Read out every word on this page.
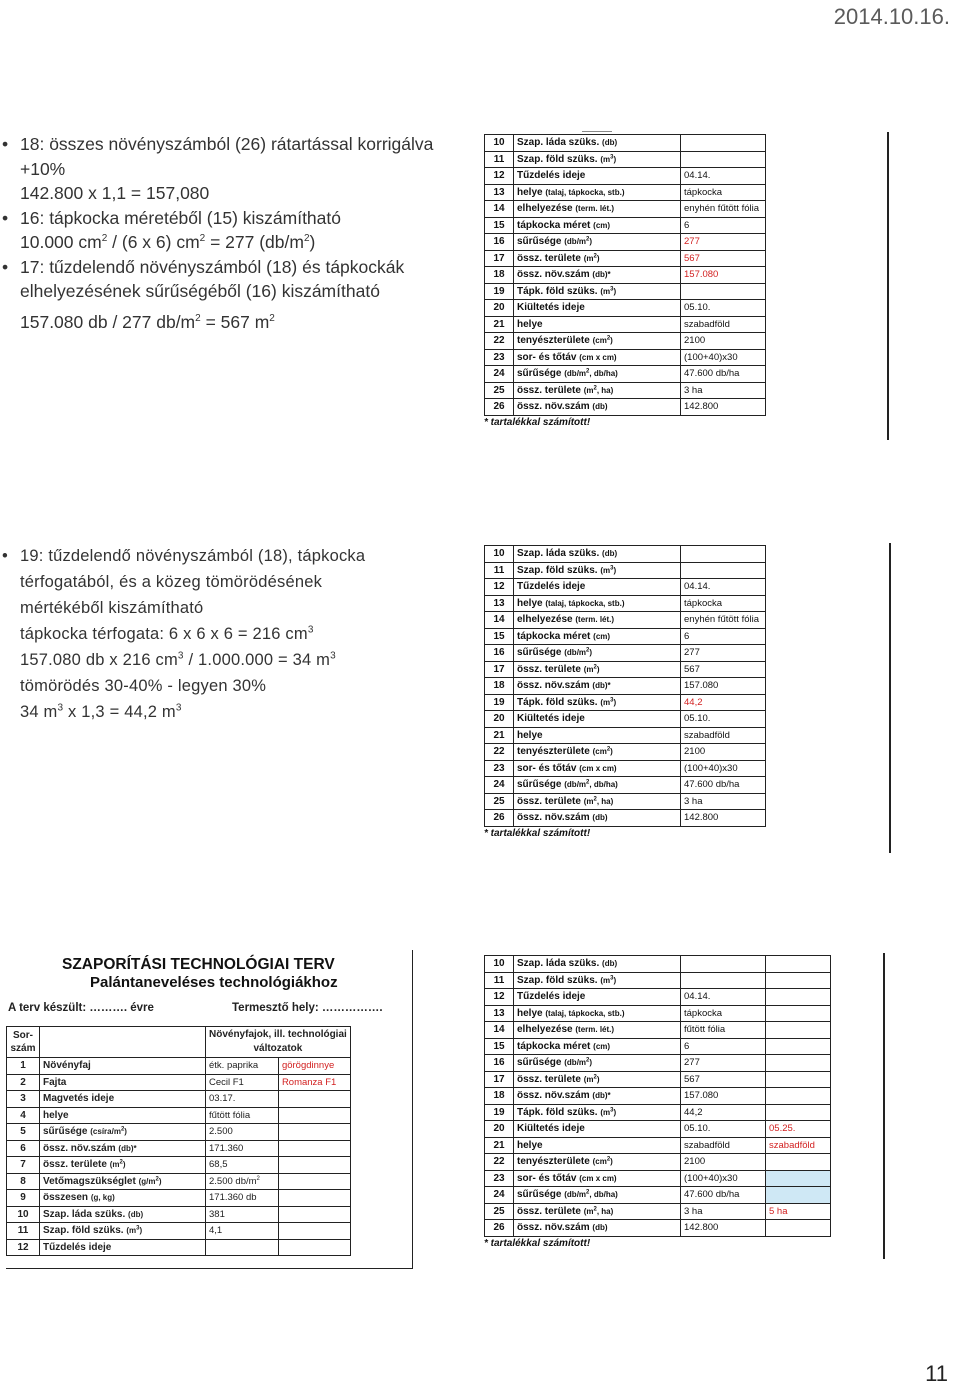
2014.10.16.
• 18: összes növényszámból (26) rátartással korrigálva
+10%
142.800 x 1,1 = 157,080
• 16: tápkocka méretéből (15) kiszámítható
10.000 $cm^2 / (6$ x 6) $cm^2 = 277$ $(db/m^2)$
• 17: tűzdelendő növényszámból (18) és tápkockák elhelyezésének sűrűségéből (16) kiszámítható
157.080 db / 277 $db/m^2 = 567$ $m^2$
• 19: tűzdelendő növényszámból (18), tápkocka térfogatából, és a közeg tömörödésének mértékéből kiszámítható
tápkocka térfogata: 6 x 6 x 6 = 216 $cm^3$
157.080 db x 216 $cm^3 / 1.000.000 = 34$ $m^3$
tömörödés 30-40% - legyen 30%
34 $m^3$ x 1,3 = 44,2 $m^3$
10	Szap. láda szüks. (db)	
11	Szap. föld szüks. $(m^3)$	
12	Tűzdelés ideje	04.14.
13	helye (talaj, tápkocka, stb.)	tápkocka
14	elhelyezése (term. lét.)	enyhén fűtött fólia
15	tápkocka méret (cm)	6
16	sűrűsége $(db/m^2)$	277
17	össz. területe $(m^2)$	567
18	össz. növ.szám (db)*	157.080
19	Tápk. föld szüks. $(m^3)$	
20	Kiültetés ideje	05.10.
21	helye	szabadföld
22	tenyészterülete $(cm^2)$	2100
23	sor- és tőtáv (cm x cm)	(100+40)x30
24	sűrűsége ($db/m^2$, db/ha)	47.600 db/ha
25	össz. területe ($m^2$, ha)	3 ha
26	össz. növ.szám (db)	142.800
* tartalékkal számított!
10	Szap. láda szüks. (db)	
11	Szap. föld szüks. $(m^3)$	
12	Tűzdelés ideje	04.14.
13	helye (talaj, tápkocka, stb.)	tápkocka
14	elhelyezése (term. lét.)	enyhén fűtött fólia
15	tápkocka méret (cm)	6
16	sűrűsége $(db/m^2)$	277
17	össz. területe $(m^2)$	567
18	össz. növ.szám (db)*	157.080
19	Tápk. föld szüks. $(m^3)$	44,2
20	Kiültetés ideje	05.10.
21	helye	szabadföld
22	tenyészterülete $(cm^2)$	2100
23	sor- és tőtáv (cm x cm)	(100+40)x30
24	sűrűsége ($db/m^2$, db/ha)	47.600 db/ha
25	össz. területe ($m^2$, ha)	3 ha
26	össz. növ.szám (db)	142.800
* tartalékkal számított!
10	Szap. láda szüks. (db)		
11	Szap. föld szüks. $(m^3)$		
12	Tűzdelés ideje	04.14.	
13	helye (talaj, tápkocka, stb.)	tápkocka	
14	elhelyezése (term. lét.)	fűtött fólia	
15	tápkocka méret (cm)	6	
16	sűrűsége $(db/m^2)$	277	
17	össz. területe $(m^2)$	567	
18	össz. növ.szám (db)*	157.080	
19	Tápk. föld szüks. $(m^3)$	44,2	
20	Kiültetés ideje	05.10.	05.25.
21	helye	szabadföld	szabadföld
22	tenyészterülete $(cm^2)$	2100	
23	sor- és tőtáv (cm x cm)	(100+40)x30	
24	sűrűsége ($db/m^2$, db/ha)	47.600 db/ha	
25	össz. területe ($m^2$, ha)	3 ha	5 ha
26	össz. növ.szám (db)	142.800	
* tartalékkal számított!
SZAPORÍTÁSI TECHNOLÓGIAI TERV
Palántaneveléses technológiákhoz
A terv készült: ………. évre	Termesztő hely: …………….
Sor-
szám		Növényfajok, ill. technológiai
változatok	
1	Növényfaj	étk. paprika	görögdinnye
2	Fajta	Cecil F1	Romanza F1
3	Magvetés ideje	03.17.	
4	helye	fűtött fólia	
5	sűrűsége $(csíra/m^2)$	2.500	
6	össz. növ.szám (db)*	171.360	
7	össz. területe $(m^2)$	68,5	
8	Vetőmagszükséglet $(g/m^2)$	2.500 $db/m^2$	
9	összesen (g, kg)	171.360 db	
10	Szap. láda szüks. (db)	381	
11	Szap. föld szüks. $(m^3)$	4,1	
12	Tűzdelés ideje		
11
